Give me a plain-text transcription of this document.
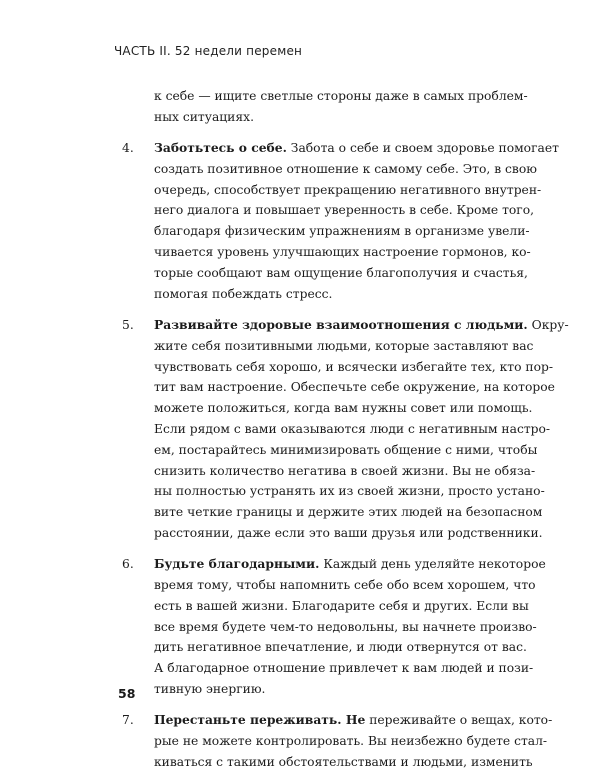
ЧАСТЬ II. 52 недели перемен
к себе — ищите светлые стороны даже в самых проблем-
ных ситуациях.
4.	Заботьтесь о себе. Забота о себе и своем здоровье помогает
создать позитивное отношение к самому себе. Это, в свою
очередь, способствует прекращению негативного внутрен-
него диалога и повышает уверенность в себе. Кроме того,
благодаря физическим упражнениям в организме увели-
чивается уровень улучшающих настроение гормонов, ко-
торые сообщают вам ощущение благополучия и счастья,
помогая побеждать стресс.
5.	Развивайте здоровые взаимоотношения с людьми. Окру-
жите себя позитивными людьми, которые заставляют вас
чувствовать себя хорошо, и всячески избегайте тех, кто пор-
тит вам настроение. Обеспечьте себе окружение, на которое
можете положиться, когда вам нужны совет или помощь.
Если рядом с вами оказываются люди с негативным настро-
ем, постарайтесь минимизировать общение с ними, чтобы
снизить количество негатива в своей жизни. Вы не обяза-
ны полностью устранять их из своей жизни, просто устано-
вите четкие границы и держите этих людей на безопасном
расстоянии, даже если это ваши друзья или родственники.
6.	Будьте благодарными. Каждый день уделяйте некоторое
время тому, чтобы напомнить себе обо всем хорошем, что
есть в вашей жизни. Благодарите себя и других. Если вы
все время будете чем-то недовольны, вы начнете произво-
дить негативное впечатление, и люди отвернутся от вас.
А благодарное отношение привлечет к вам людей и пози-
тивную энергию.
7.	Перестаньте переживать. Не переживайте о вещах, кото-
рые не можете контролировать. Вы неизбежно будете стал-
киваться с такими обстоятельствами и людьми, изменить
58
